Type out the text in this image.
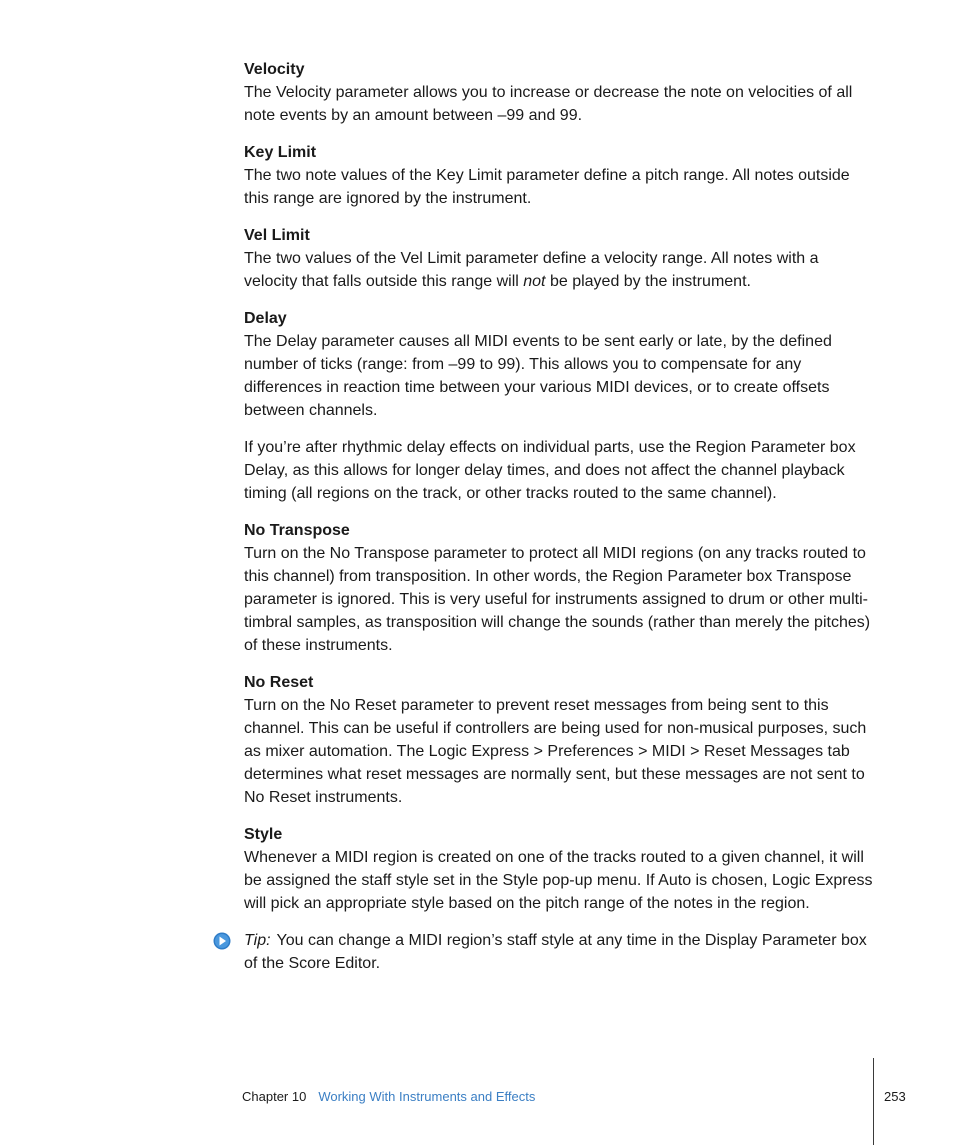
Velocity

The Velocity parameter allows you to increase or decrease the note on velocities of all note events by an amount between –99 and 99.

Key Limit

The two note values of the Key Limit parameter define a pitch range. All notes outside this range are ignored by the instrument.

Vel Limit

The two values of the Vel Limit parameter define a velocity range. All notes with a velocity that falls outside this range will not be played by the instrument.

Delay

The Delay parameter causes all MIDI events to be sent early or late, by the defined number of ticks (range: from –99 to 99). This allows you to compensate for any differences in reaction time between your various MIDI devices, or to create offsets between channels.

If you’re after rhythmic delay effects on individual parts, use the Region Parameter box Delay, as this allows for longer delay times, and does not affect the channel playback timing (all regions on the track, or other tracks routed to the same channel).

No Transpose

Turn on the No Transpose parameter to protect all MIDI regions (on any tracks routed to this channel) from transposition. In other words, the Region Parameter box Transpose parameter is ignored. This is very useful for instruments assigned to drum or other multi-timbral samples, as transposition will change the sounds (rather than merely the pitches) of these instruments.

No Reset

Turn on the No Reset parameter to prevent reset messages from being sent to this channel. This can be useful if controllers are being used for non-musical purposes, such as mixer automation. The Logic Express > Preferences > MIDI > Reset Messages tab determines what reset messages are normally sent, but these messages are not sent to No Reset instruments.

Style

Whenever a MIDI region is created on one of the tracks routed to a given channel, it will be assigned the staff style set in the Style pop-up menu. If Auto is chosen, Logic Express will pick an appropriate style based on the pitch range of the notes in the region.

Tip: You can change a MIDI region’s staff style at any time in the Display Parameter box of the Score Editor.

Chapter 10 Working With Instruments and Effects	253
